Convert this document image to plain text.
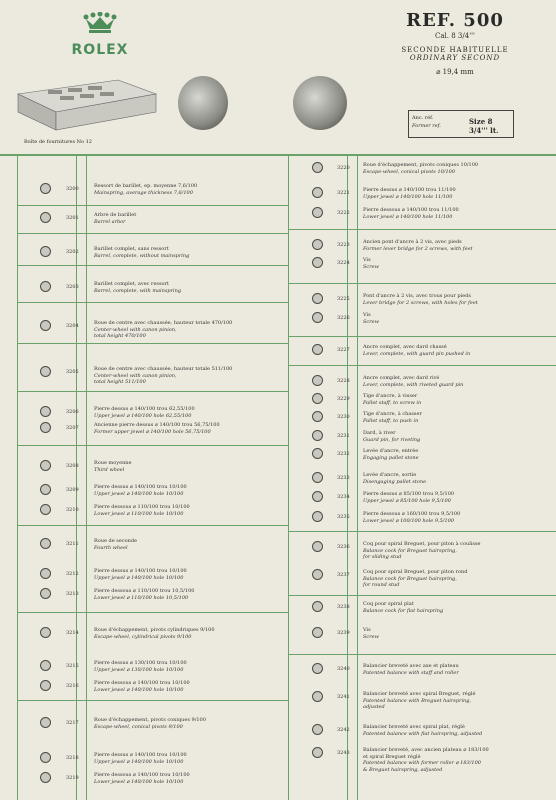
ROLEX
Boîte de fournitures No 12
REF. 500
Cal. 8 3/4'''
SECONDE HABITUELLE
ORDINARY SECOND
⌀ 19,4 mm
Anc. réf.
Former ref.	Size 8 3/4''' lt.
3200	Ressort de barillet, ep. moyenne 7,6/100
Mainspring, average thickness 7,6/100
3201	Arbre de barillet
Barrel arbor
3202	Barillet complet, sans ressort
Barrel, complete, without mainspring
3203	Barillet complet, avec ressort
Barrel, complete, with mainspring
3204	Roue de centre avec chaussée, hauteur totale 470/100
Center-wheel with canon pinion,
total height 470/100
3205	Roue de centre avec chaussée, hauteur totale 511/100
Center-wheel with canon pinion,
total height 511/100
3206	Pierre dessus ⌀ 140/100 trou 62,55/100
Upper jewel ⌀ 140/100 hole 62,55/100
3207	Ancienne pierre dessus ⌀ 140/100 trou 56,75/100
Former upper jewel ⌀ 140/100 hole 56,75/100
3208	Roue moyenne
Third wheel
3209	Pierre dessus ⌀ 140/100 trou 10/100
Upper jewel ⌀ 140/100 hole 10/100
3210	Pierre dessous ⌀ 110/100 trou 10/100
Lower jewel ⌀ 110/100 hole 10/100
3211	Roue de seconde
Fourth wheel
3212	Pierre dessus ⌀ 140/100 trou 10/100
Upper jewel ⌀ 140/100 hole 10/100
3213	Pierre dessous ⌀ 110/100 trou 10,5/100
Lower jewel ⌀ 110/100 hole 10,5/100
3214	Roue d'échappement, pivots cylindriques 9/100
Escape-wheel, cylindrical pivots 9/100
3215	Pierre dessus ⌀ 130/100 trou 10/100
Upper jewel ⌀ 130/100 hole 10/100
3216	Pierre dessous ⌀ 140/100 trou 10/100
Lower jewel ⌀ 140/100 hole 10/100
3217	Roue d'échappement, pivots coniques 9/100
Escape-wheel, conical pivots 9/100
3218	Pierre dessus ⌀ 140/100 trou 10/100
Upper jewel ⌀ 140/100 hole 10/100
3219	Pierre dessous ⌀ 140/100 trou 10/100
Lower jewel ⌀ 140/100 hole 10/100
3220	Roue d'échappement, pivots coniques 10/100
Escape-wheel, conical pivots 10/100
3221	Pierre dessus ⌀ 140/100 trou 11/100
Upper jewel ⌀ 140/100 hole 11/100
3222	Pierre dessous ⌀ 140/100 trou 11/100
Lower jewel ⌀ 140/100 hole 11/100
3223	Ancien pont d'ancre à 2 vis, avec pieds
Former lever bridge for 2 screws, with feet
3224	Vis
Screw
3225	Pont d'ancre à 2 vis, avec trous pour pieds
Lever bridge for 2 screws, with holes for feet
3226	Vis
Screw
3227	Ancre complet, avec dard chassé
Lever, complete, with guard pin pushed in
3228	Ancre complet, avec dard rivé
Lever, complete, with riveted guard pin
3229	Tige d'ancre, à visser
Pallet staff, to screw in
3230	Tige d'ancre, à chasser
Pallet staff, to push in
3231	Dard, à river
Guard pin, for riveting
3232	Levée d'ancre, entrée
Engaging pallet stone
3233	Levée d'ancre, sortie
Disengaging pallet stone
3234	Pierre dessus ⌀ 85/100 trou 9,5/100
Upper jewel ⌀ 85/100 hole 9,5/100
3235	Pierre dessous ⌀ 160/100 trou 9,5/100
Lower jewel ⌀ 100/100 hole 9,5/100
3236	Coq pour spiral Breguet, pour piton à coulisse
Balance cock for Breguet hairspring,
for sliding stud
3237	Coq pour spiral Breguet, pour piton rond
Balance cock for Breguet hairspring,
for round stud
3238	Coq pour spiral plat
Balance cock for flat hairspring
3239	Vis
Screw
3240	Balancier breveté avec axe et plateau
Patented balance with staff and roller
3241	Balancier breveté avec spiral Breguet, réglé
Patented balance with Breguet hairspring,
adjusted
3242	Balancier breveté avec spiral plat, réglé
Patented balance with flat hairspring, adjusted
3243	Balancier breveté, avec ancien plateau ⌀ 183/100
et spiral Breguet réglé
Patented balance with former roller ⌀ 183/100
& Breguet hairspring, adjusted
